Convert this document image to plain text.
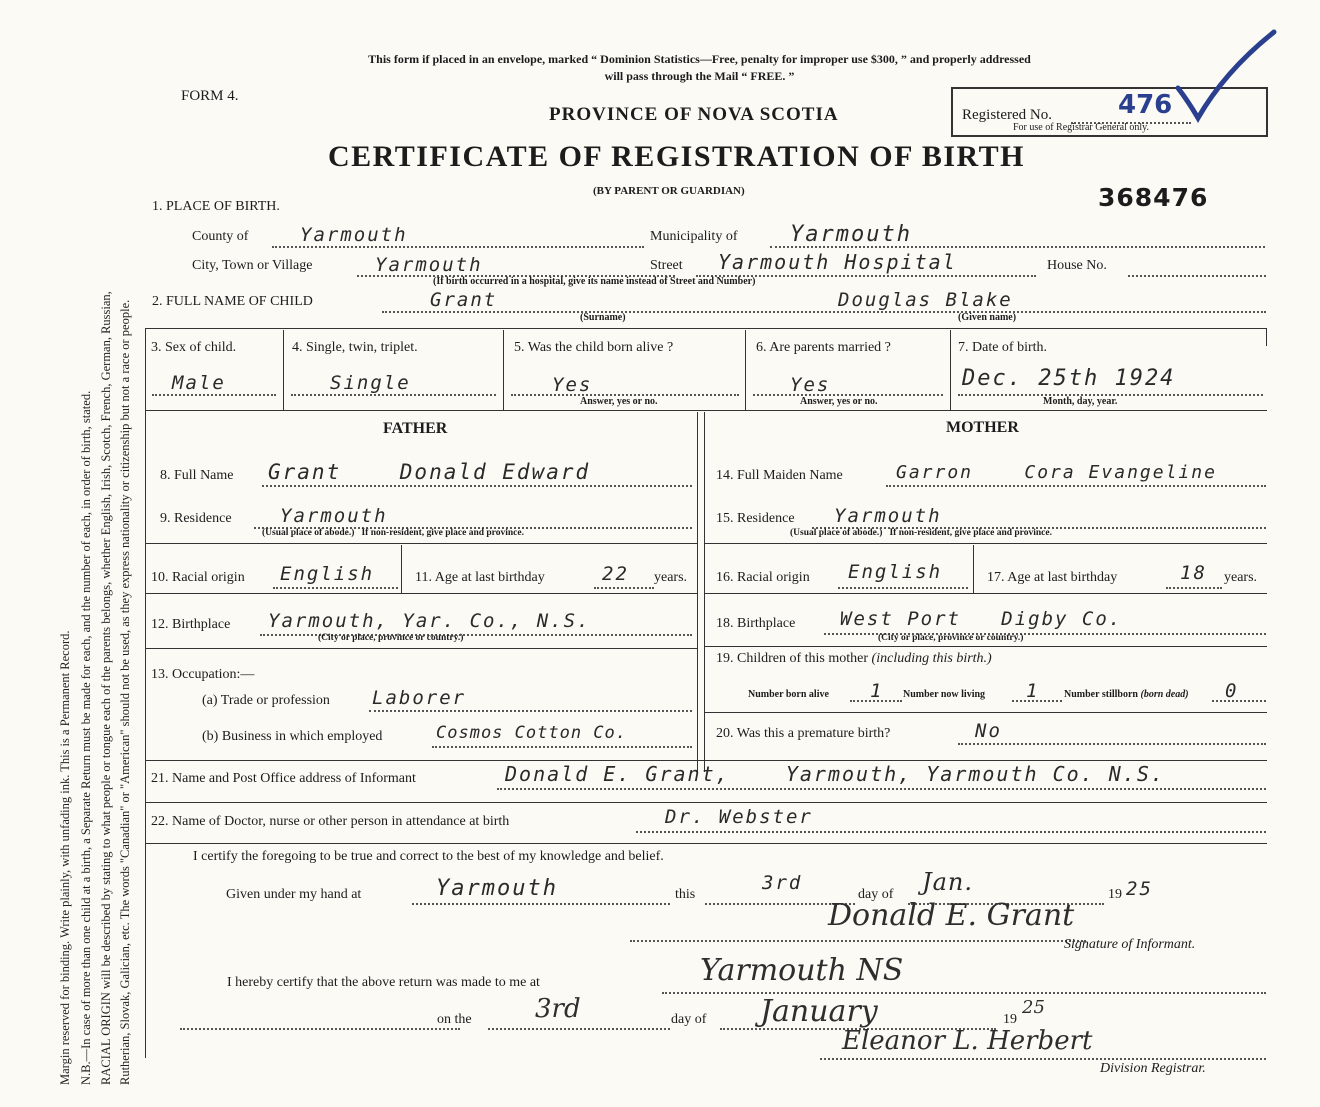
Margin reserved for binding. Write plainly, with unfading ink. This is a Permanent Record. N.B.—In case of more than one child at a birth, a Separate Return must be made for each, and the number of each, in order of birth, stated. RACIAL ORIGIN will be described by stating to what people or tongue each of the parents belongs, whether English, Irish, Scotch, French, German, Russian, Rutherian, Slovak, Galician, etc. The words "Canadian" or "American" should not be used, as they express nationality or citizenship but not a race or people.
This form if placed in an envelope, marked “ Dominion Statistics—Free, penalty for improper use $300, ” and properly addressed
will pass through the Mail “ FREE. ”
FORM 4.
PROVINCE OF NOVA SCOTIA	Registered No.	476
For use of Registrar General only.
CERTIFICATE OF REGISTRATION OF BIRTH
(BY PARENT OR GUARDIAN)	368476
1. PLACE OF BIRTH.
County of	Yarmouth	Municipality of Yarmouth
City, Town or Village	Yarmouth	Street Yarmouth Hospital	House No.
(If birth occurred in a hospital, give its name instead of Street and Number)
2. FULL NAME OF CHILD	Grant
(Surname)
Douglas Blake
(Given name)
3. Sex of child.
Male
4. Single, twin, triplet.
Single
5. Was the child born alive ?
Yes
Answer, yes or no.
6. Are parents married ?
Yes
Answer, yes or no.
7. Date of birth.
Dec. 25th 1924
Month, day, year.
FATHER	MOTHER
8. Full Name Grant    Donald Edward
9. Residence	Yarmouth
(Usual place of abode.)   If non-resident, give place and province.
10. Racial origin English	11. Age at last birthday	22 years.
12. Birthplace Yarmouth, Yar. Co., N.S.
(City or place, province or country.)
13. Occupation:—
(a) Trade or profession Laborer
(b) Business in which employed	Cosmos Cotton Co.
14. Full Maiden Name	Garron    Cora Evangeline
15. Residence Yarmouth
(Usual place of abode.)   If non-resident, give place and province.
16. Racial origin English	17. Age at last birthday	18 years.
18. Birthplace West Port   Digby Co.
(City or place, province or country.)
19. Children of this mother (including this birth.)
Number born alive 1 Number now living 1 Number stillborn (born dead) 0
20. Was this a premature birth?	No
21. Name and Post Office address of Informant	Donald E. Grant,    Yarmouth, Yarmouth Co. N.S.
22. Name of Doctor, nurse or other person in attendance at birth	Dr. Webster
I certify the foregoing to be true and correct to the best of my knowledge and belief.
Given under my hand at	Yarmouth	this
3rd
day of Jan.	19 25
Donald E. Grant
Signature of Informant.
I hereby certify that the above return was made to me at	Yarmouth NS
on the 3rd	day of January	19
25
Eleanor L. Herbert
Division Registrar.
